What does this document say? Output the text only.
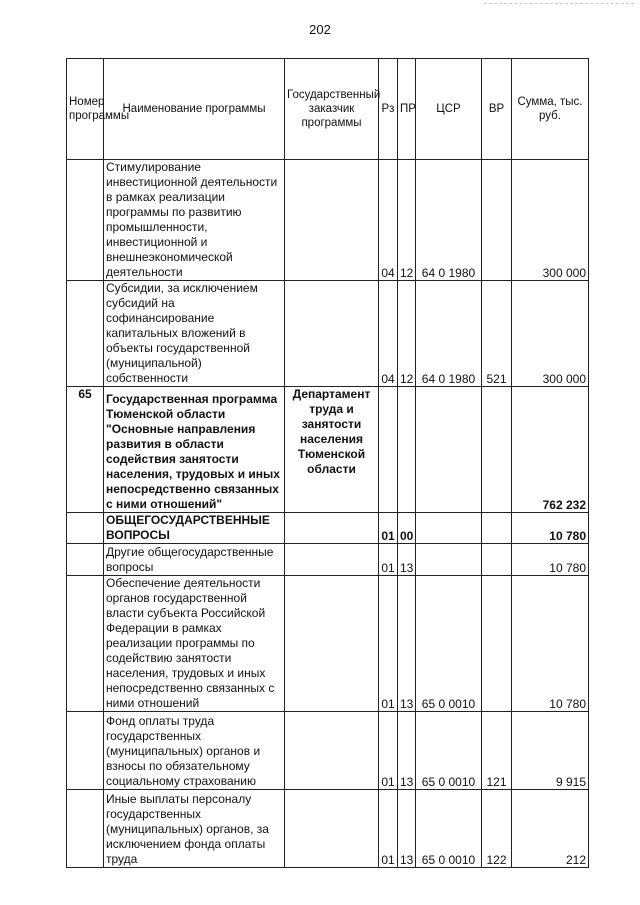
202
Номер программы	Наименование программы	Государственный заказчик программы	Рз	ПР	ЦСР	ВР	Сумма, тыс. руб.
	Стимулирование инвестиционной деятельности в рамках реализации программы по развитию промышленности, инвестиционной и внешнеэкономической деятельности		04	12	64 0 1980		300 000
	Субсидии, за исключением субсидий на софинансирование капитальных вложений в объекты государственной (муниципальной) собственности		04	12	64 0 1980	521	300 000
65	Государственная программа Тюменской области "Основные направления развития в области содействия занятости населения, трудовых и иных непосредственно связанных с ними отношений"	Департамент труда и занятости населения Тюменской области					762 232
	ОБЩЕГОСУДАРСТВЕННЫЕ ВОПРОСЫ		01	00			10 780
	Другие общегосударственные вопросы		01	13			10 780
	Обеспечение деятельности органов государственной власти субъекта Российской Федерации в рамках реализации программы по содействию занятости населения, трудовых и иных непосредственно связанных с ними отношений		01	13	65 0 0010		10 780
	Фонд оплаты труда государственных (муниципальных) органов и взносы по обязательному социальному страхованию		01	13	65 0 0010	121	9 915
	Иные выплаты персоналу государственных (муниципальных) органов, за исключением фонда оплаты труда		01	13	65 0 0010	122	212
